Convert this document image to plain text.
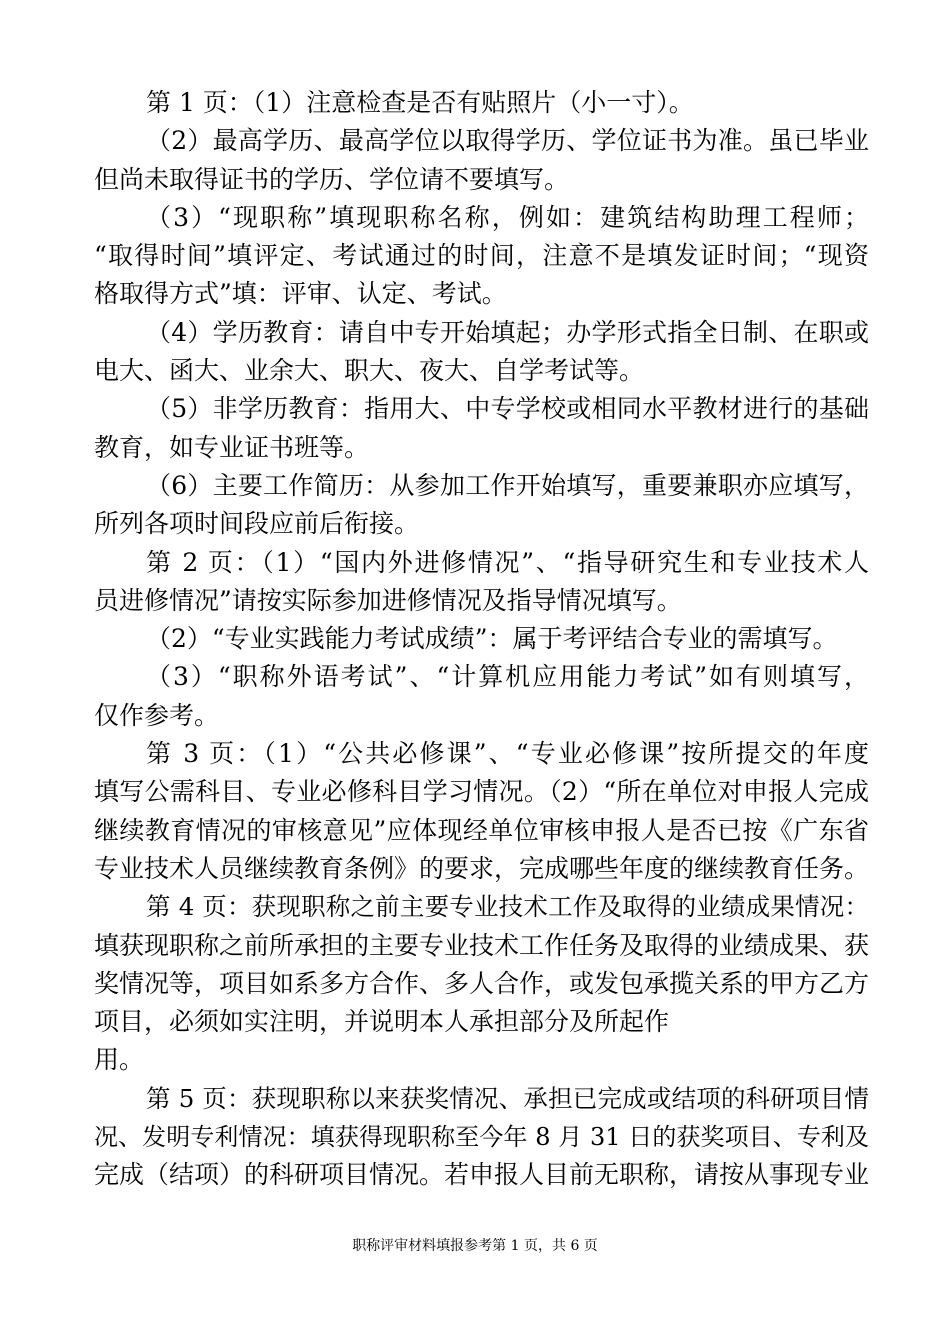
第 1 页：（1）注意检查是否有贴照片（小一寸）。
（2）最高学历、最高学位以取得学历、学位证书为准。虽已毕业
但尚未取得证书的学历、学位请不要填写。
（3）“现职称”填现职称名称，例如：建筑结构助理工程师；
“取得时间”填评定、考试通过的时间，注意不是填发证时间；“现资
格取得方式”填：评审、认定、考试。
（4）学历教育：请自中专开始填起；办学形式指全日制、在职或
电大、函大、业余大、职大、夜大、自学考试等。
（5）非学历教育：指用大、中专学校或相同水平教材进行的基础
教育，如专业证书班等。
（6）主要工作简历：从参加工作开始填写，重要兼职亦应填写，
所列各项时间段应前后衔接。
第 2 页：（1）“国内外进修情况”、“指导研究生和专业技术人
员进修情况”请按实际参加进修情况及指导情况填写。
（2）“专业实践能力考试成绩”：属于考评结合专业的需填写。
（3）“职称外语考试”、“计算机应用能力考试”如有则填写，
仅作参考。
第 3 页：（1）“公共必修课”、“专业必修课”按所提交的年度
填写公需科目、专业必修科目学习情况。（2）“所在单位对申报人完成
继续教育情况的审核意见”应体现经单位审核申报人是否已按《广东省
专业技术人员继续教育条例》的要求，完成哪些年度的继续教育任务。
第 4 页：获现职称之前主要专业技术工作及取得的业绩成果情况：
填获现职称之前所承担的主要专业技术工作任务及取得的业绩成果、获
奖情况等，项目如系多方合作、多人合作，或发包承揽关系的甲方乙方
项目，必须如实注明，并说明本人承担部分及所起作
用。
第 5 页：获现职称以来获奖情况、承担已完成或结项的科研项目情
况、发明专利情况：填获得现职称至今年 8 月 31 日的获奖项目、专利及
完成（结项）的科研项目情况。若申报人目前无职称，请按从事现专业
职称评审材料填报参考第 1 页，共 6 页
